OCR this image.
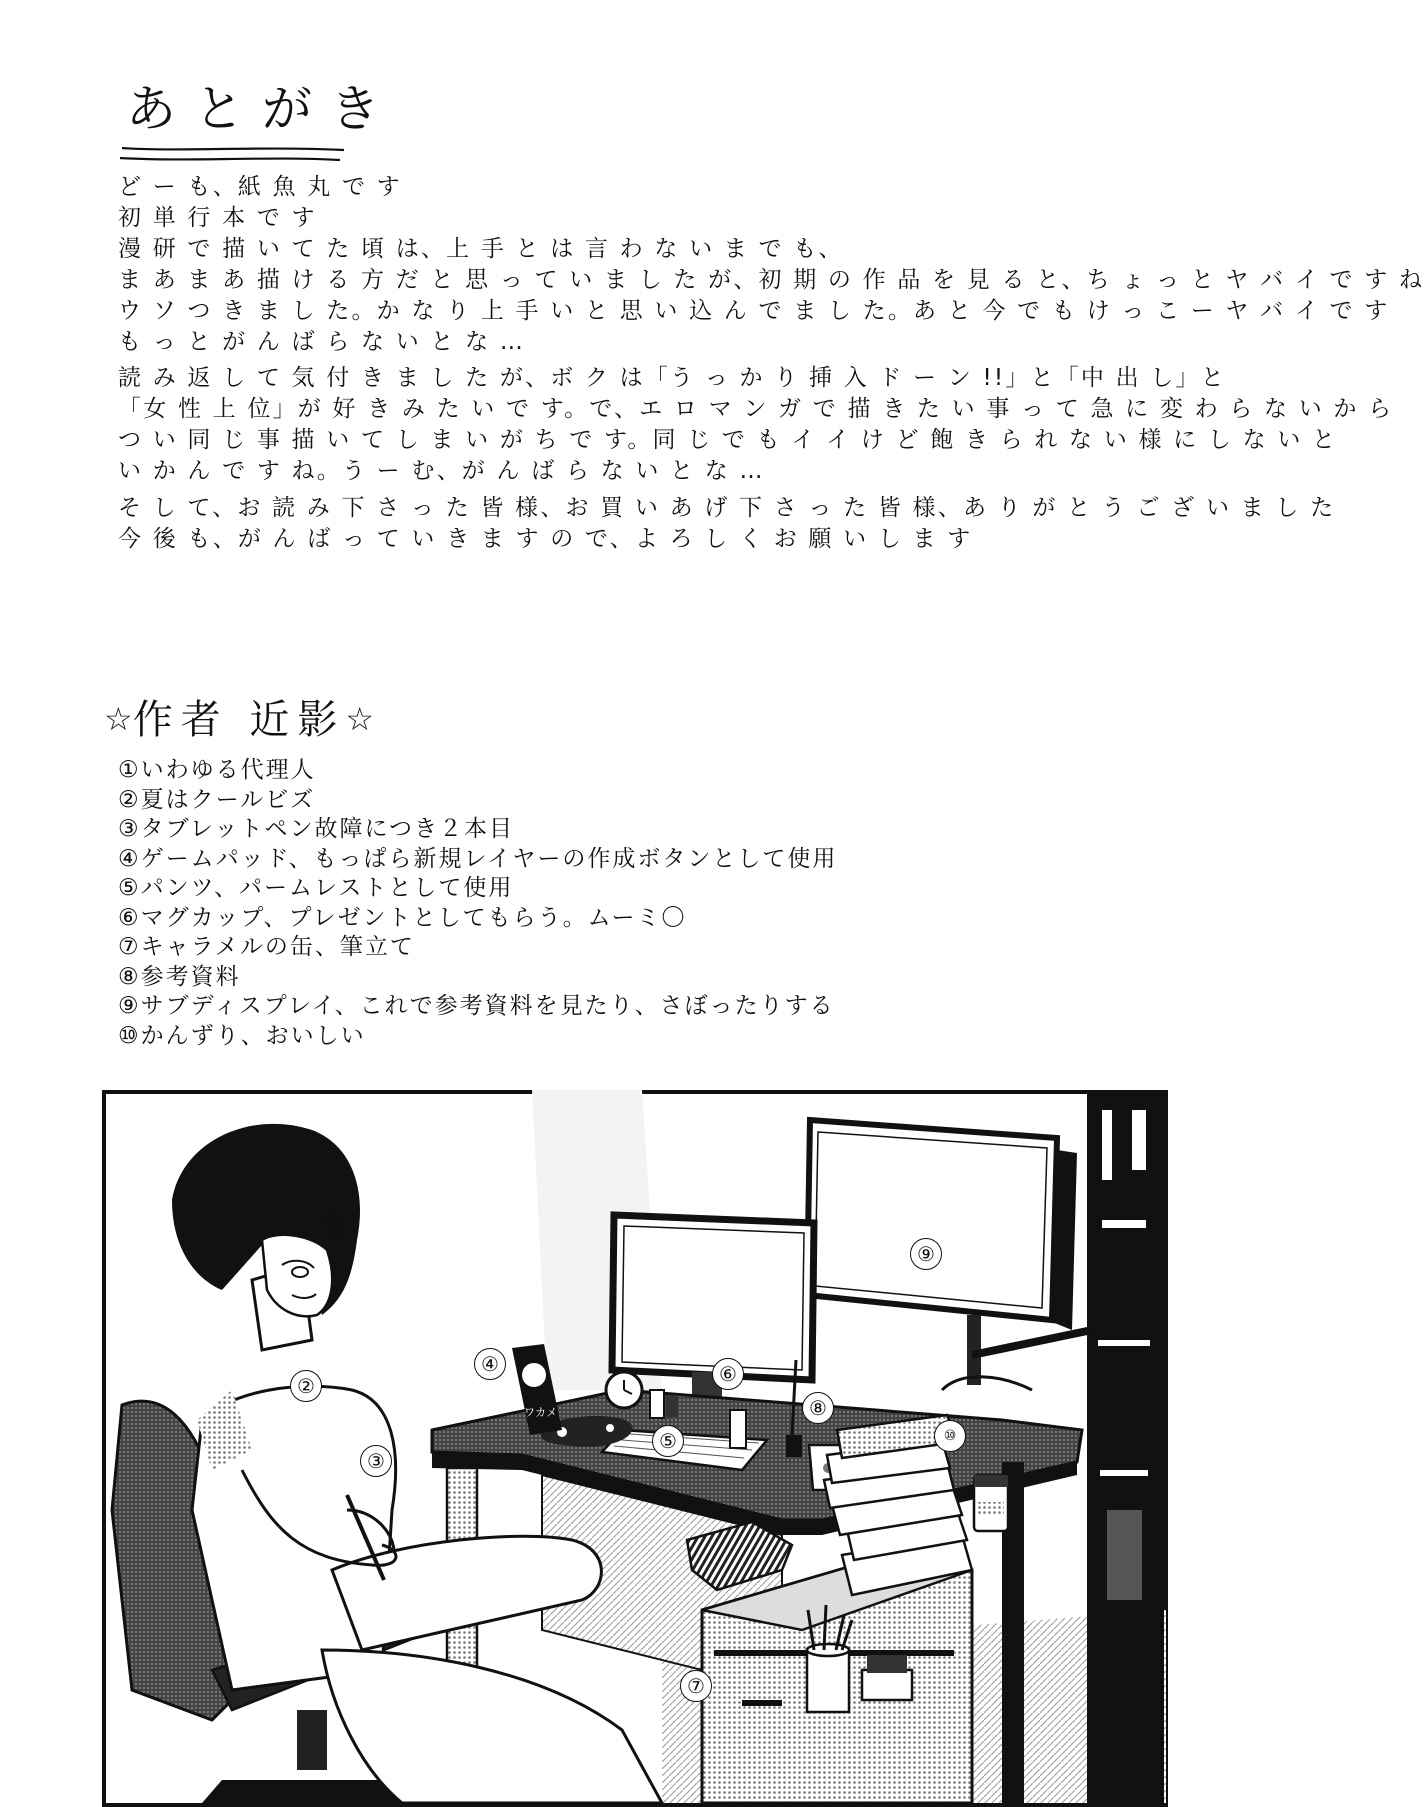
あとがき
ど ー も、紙 魚 丸 で す
初 単 行 本 で す
漫 研 で 描 い て た 頃 は、上 手 と は 言 わ な い ま で も、
ま あ ま あ 描 け る 方 だ と 思 っ て い ま し た が、初 期 の 作 品 を 見 る と、ち ょ っ と ヤ バ イ で す ね
ウ ソ つ き ま し た。か な り 上 手 い と 思 い 込 ん で ま し た。あ と 今 で も け っ こ ー ヤ バ イ で す
も っ と が ん ば ら な い と な …
読 み 返 し て 気 付 き ま し た が、ボ ク は「う っ か り 挿 入 ド ー ン !!」と「中 出 し」と
「女 性 上 位」が 好 き み た い で す。で、エ ロ マ ン ガ で 描 き た い 事 っ て 急 に 変 わ ら な い か ら
つ い 同 じ 事 描 い て し ま い が ち で す。同 じ で も イ イ け ど 飽 き ら れ な い 様 に し な い と
い か ん で す ね。う ー む、が ん ば ら な い と な …
そ し て、お 読 み 下 さ っ た 皆 様、お 買 い あ げ 下 さ っ た 皆 様、あ り が と う ご ざ い ま し た
今 後 も、が ん ば っ て い き ま す の で、よ ろ し く お 願 い し ま す
☆作者 近影☆
①いわゆる代理人
②夏はクールビズ
③タブレットペン故障につき２本目
④ゲームパッド、もっぱら新規レイヤーの作成ボタンとして使用
⑤パンツ、パームレストとして使用
⑥マグカップ、プレゼントとしてもらう。ムーミ〇
⑦キャラメルの缶、筆立て
⑧参考資料
⑨サブディスプレイ、これで参考資料を見たり、さぼったりする
⑩かんずり、おいしい
ワカメ
①
②
③
④
⑤
⑥
⑦
⑧
⑨
⑩
